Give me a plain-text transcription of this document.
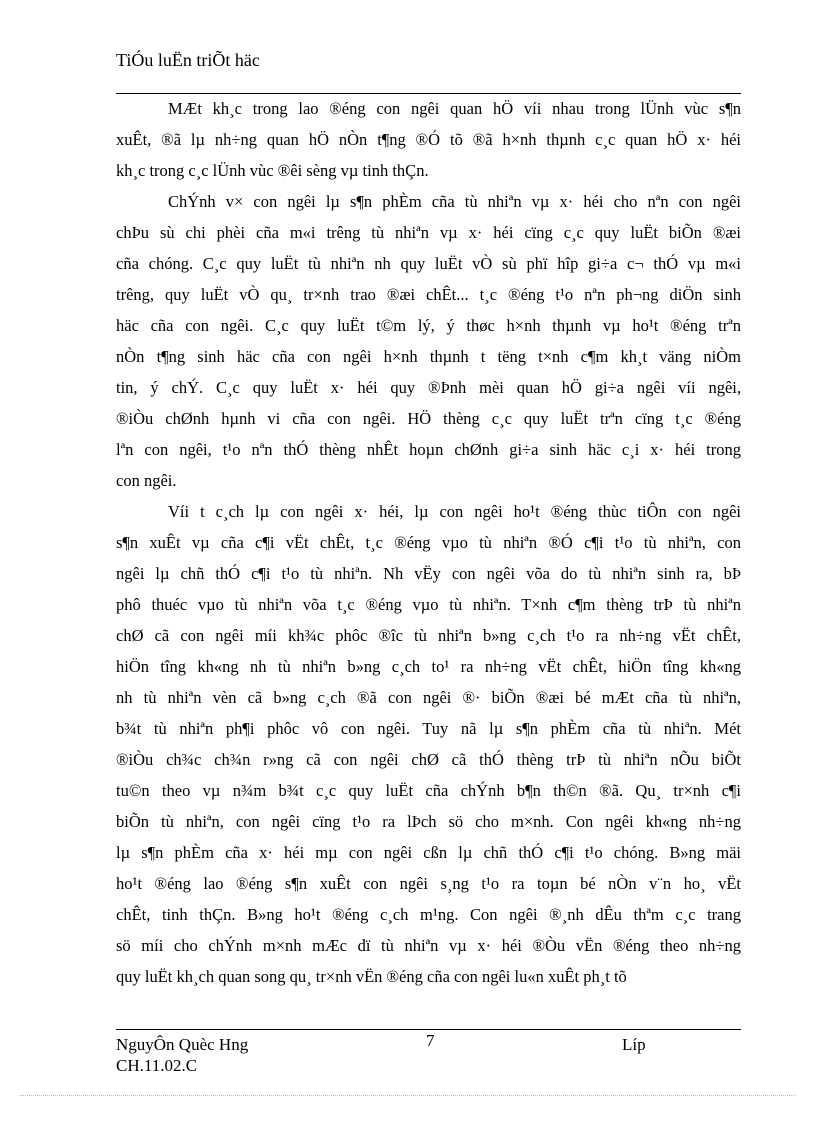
TiÓu luËn triÕt häc
MÆt kh¸c trong lao ®éng con ngêi quan hÖ víi nhau trong lÜnh vùc s¶n
xuÊt, ®ã lµ nh÷ng quan hÖ nÒn t¶ng ®Ó tõ ®ã h×nh thµnh c¸c quan hÖ x· héi
kh¸c trong c¸c lÜnh vùc ®êi sèng vµ tinh thÇn.
ChÝnh v× con ngêi lµ s¶n phÈm cña tù nhiªn vµ x· héi cho nªn con ngêi
chÞu sù chi phèi cña m«i trêng tù nhiªn vµ x· héi cïng c¸c quy luËt biÕn ®æi
cña chóng. C¸c quy luËt tù nhiªn nh quy luËt vÒ sù phï hîp gi÷a c¬ thÓ vµ m«i
trêng, quy luËt vÒ qu¸ tr×nh trao ®æi chÊt... t¸c ®éng t¹o nªn ph¬ng diÖn sinh
häc cña con ngêi. C¸c quy luËt t©m lý, ý thøc h×nh thµnh vµ ho¹t ®éng trªn
nÒn t¶ng sinh häc cña con ngêi h×nh thµnh t tëng t×nh c¶m kh¸t väng niÒm
tin, ý chÝ. C¸c quy luËt x· héi quy ®Þnh mèi quan hÖ gi÷a ngêi víi ngêi,
®iÒu chØnh hµnh vi cña con ngêi. HÖ thèng c¸c quy luËt trªn cïng t¸c ®éng
lªn con ngêi, t¹o nªn thÓ thèng nhÊt hoµn chØnh gi÷a sinh häc c¸i x· héi trong
con ngêi.
Víi t c¸ch lµ con ngêi x· héi, lµ con ngêi ho¹t ®éng thùc tiÔn con ngêi
s¶n xuÊt vµ cña c¶i vËt chÊt, t¸c ®éng vµo tù nhiªn ®Ó c¶i t¹o tù nhiªn, con
ngêi lµ chñ thÓ c¶i t¹o tù nhiªn. Nh vËy con ngêi võa do tù nhiªn sinh ra, bÞ
phô thuéc vµo tù nhiªn võa t¸c ®éng vµo tù nhiªn. T×nh c¶m thèng trÞ tù nhiªn
chØ cã con ngêi míi kh¾c phôc ®îc tù nhiªn b»ng c¸ch t¹o ra nh÷ng vËt chÊt,
hiÖn tîng kh«ng nh tù nhiªn b»ng c¸ch to¹ ra nh÷ng vËt chÊt, hiÖn tîng kh«ng
nh tù nhiªn vèn cã b»ng c¸ch ®ã con ngêi ®· biÕn ®æi bé mÆt cña tù nhiªn,
b¾t tù nhiªn ph¶i phôc vô con ngêi. Tuy nã lµ s¶n phÈm cña tù nhiªn. Mét
®iÒu ch¾c ch¾n r»ng cã con ngêi chØ cã thÓ thèng trÞ tù nhiªn nÕu biÕt
tu©n theo vµ n¾m b¾t c¸c quy luËt cña chÝnh b¶n th©n ®ã. Qu¸ tr×nh c¶i
biÕn tù nhiªn, con ngêi cïng t¹o ra lÞch sö cho m×nh. Con ngêi kh«ng nh÷ng
lµ s¶n phÈm cña x· héi mµ con ngêi cßn lµ chñ thÓ c¶i t¹o chóng. B»ng mäi
ho¹t ®éng lao ®éng s¶n xuÊt con ngêi s¸ng t¹o ra toµn bé nÒn v¨n ho¸ vËt
chÊt, tinh thÇn. B»ng ho¹t ®éng c¸ch m¹ng. Con ngêi ®¸nh dÊu thªm c¸c trang
sö míi cho chÝnh m×nh mÆc dï tù nhiªn vµ x· héi ®Òu vËn ®éng theo nh÷ng
quy luËt kh¸ch quan song qu¸ tr×nh vËn ®éng cña con ngêi lu«n xuÊt ph¸t tõ
NguyÔn Quèc Hng
CH.11.02.C
7	Líp
